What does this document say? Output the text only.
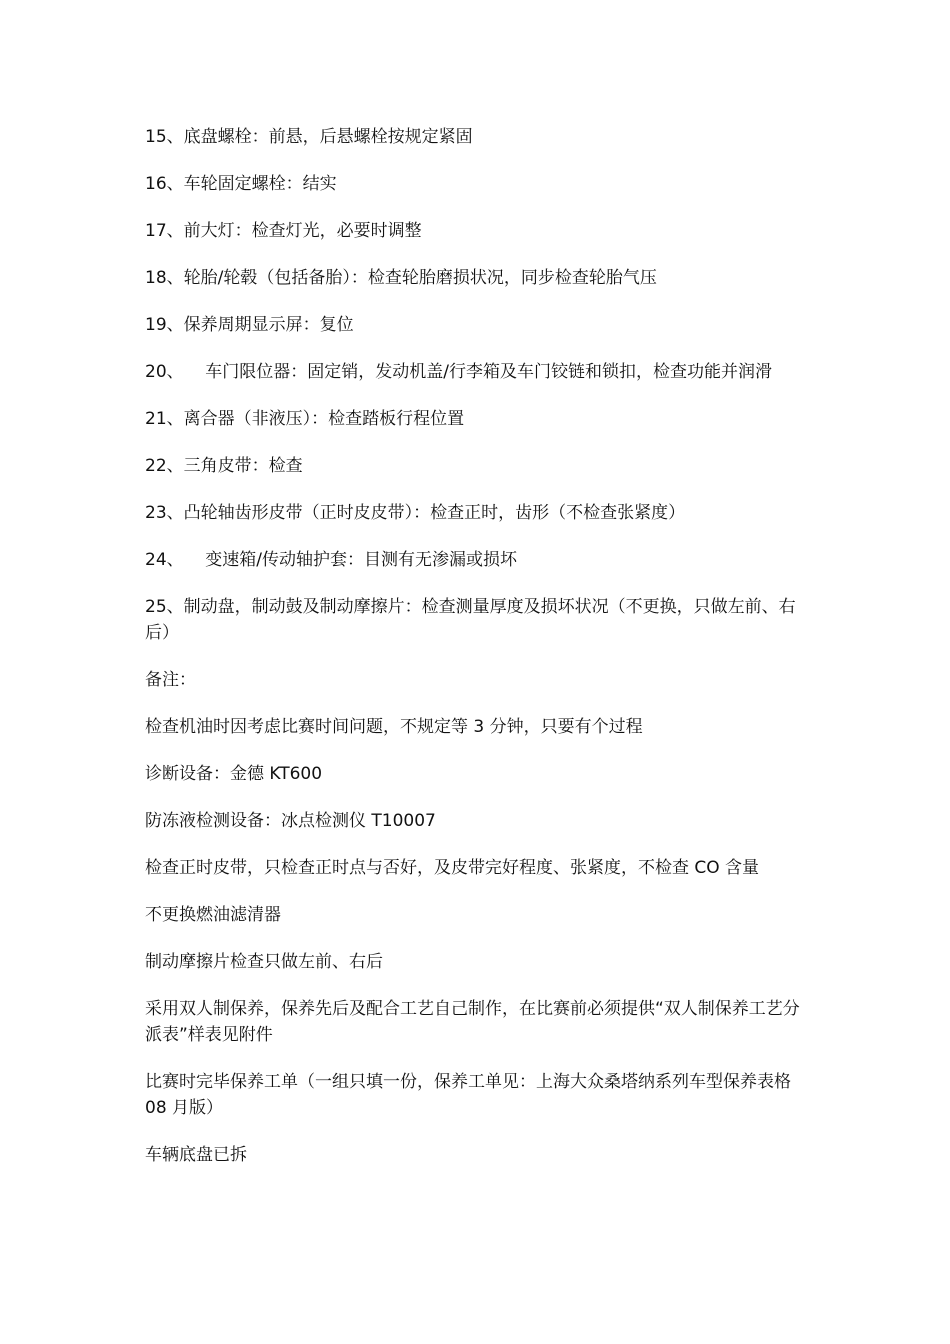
15、底盘螺栓：前悬，后悬螺栓按规定紧固

16、车轮固定螺栓：结实

17、前大灯：检查灯光，必要时调整

18、轮胎/轮毂（包括备胎）：检查轮胎磨损状况，同步检查轮胎气压

19、保养周期显示屏：复位

20、    车门限位器：固定销，发动机盖/行李箱及车门铰链和锁扣，检查功能并润滑

21、离合器（非液压）：检查踏板行程位置

22、三角皮带：检查

23、凸轮轴齿形皮带（正时皮皮带）：检查正时，齿形（不检查张紧度）

24、    变速箱/传动轴护套：目测有无渗漏或损坏

25、制动盘，制动鼓及制动摩擦片：检查测量厚度及损坏状况（不更换，只做左前、右后）

备注：

检查机油时因考虑比赛时间问题，不规定等 3 分钟，只要有个过程

诊断设备：金德 KT600

防冻液检测设备：冰点检测仪 T10007

检查正时皮带，只检查正时点与否好，及皮带完好程度、张紧度，不检查 CO 含量

不更换燃油滤清器

制动摩擦片检查只做左前、右后

采用双人制保养，保养先后及配合工艺自己制作，在比赛前必须提供“双人制保养工艺分派表”样表见附件

比赛时完毕保养工单（一组只填一份，保养工单见：上海大众桑塔纳系列车型保养表格 08 月版）

车辆底盘已拆
